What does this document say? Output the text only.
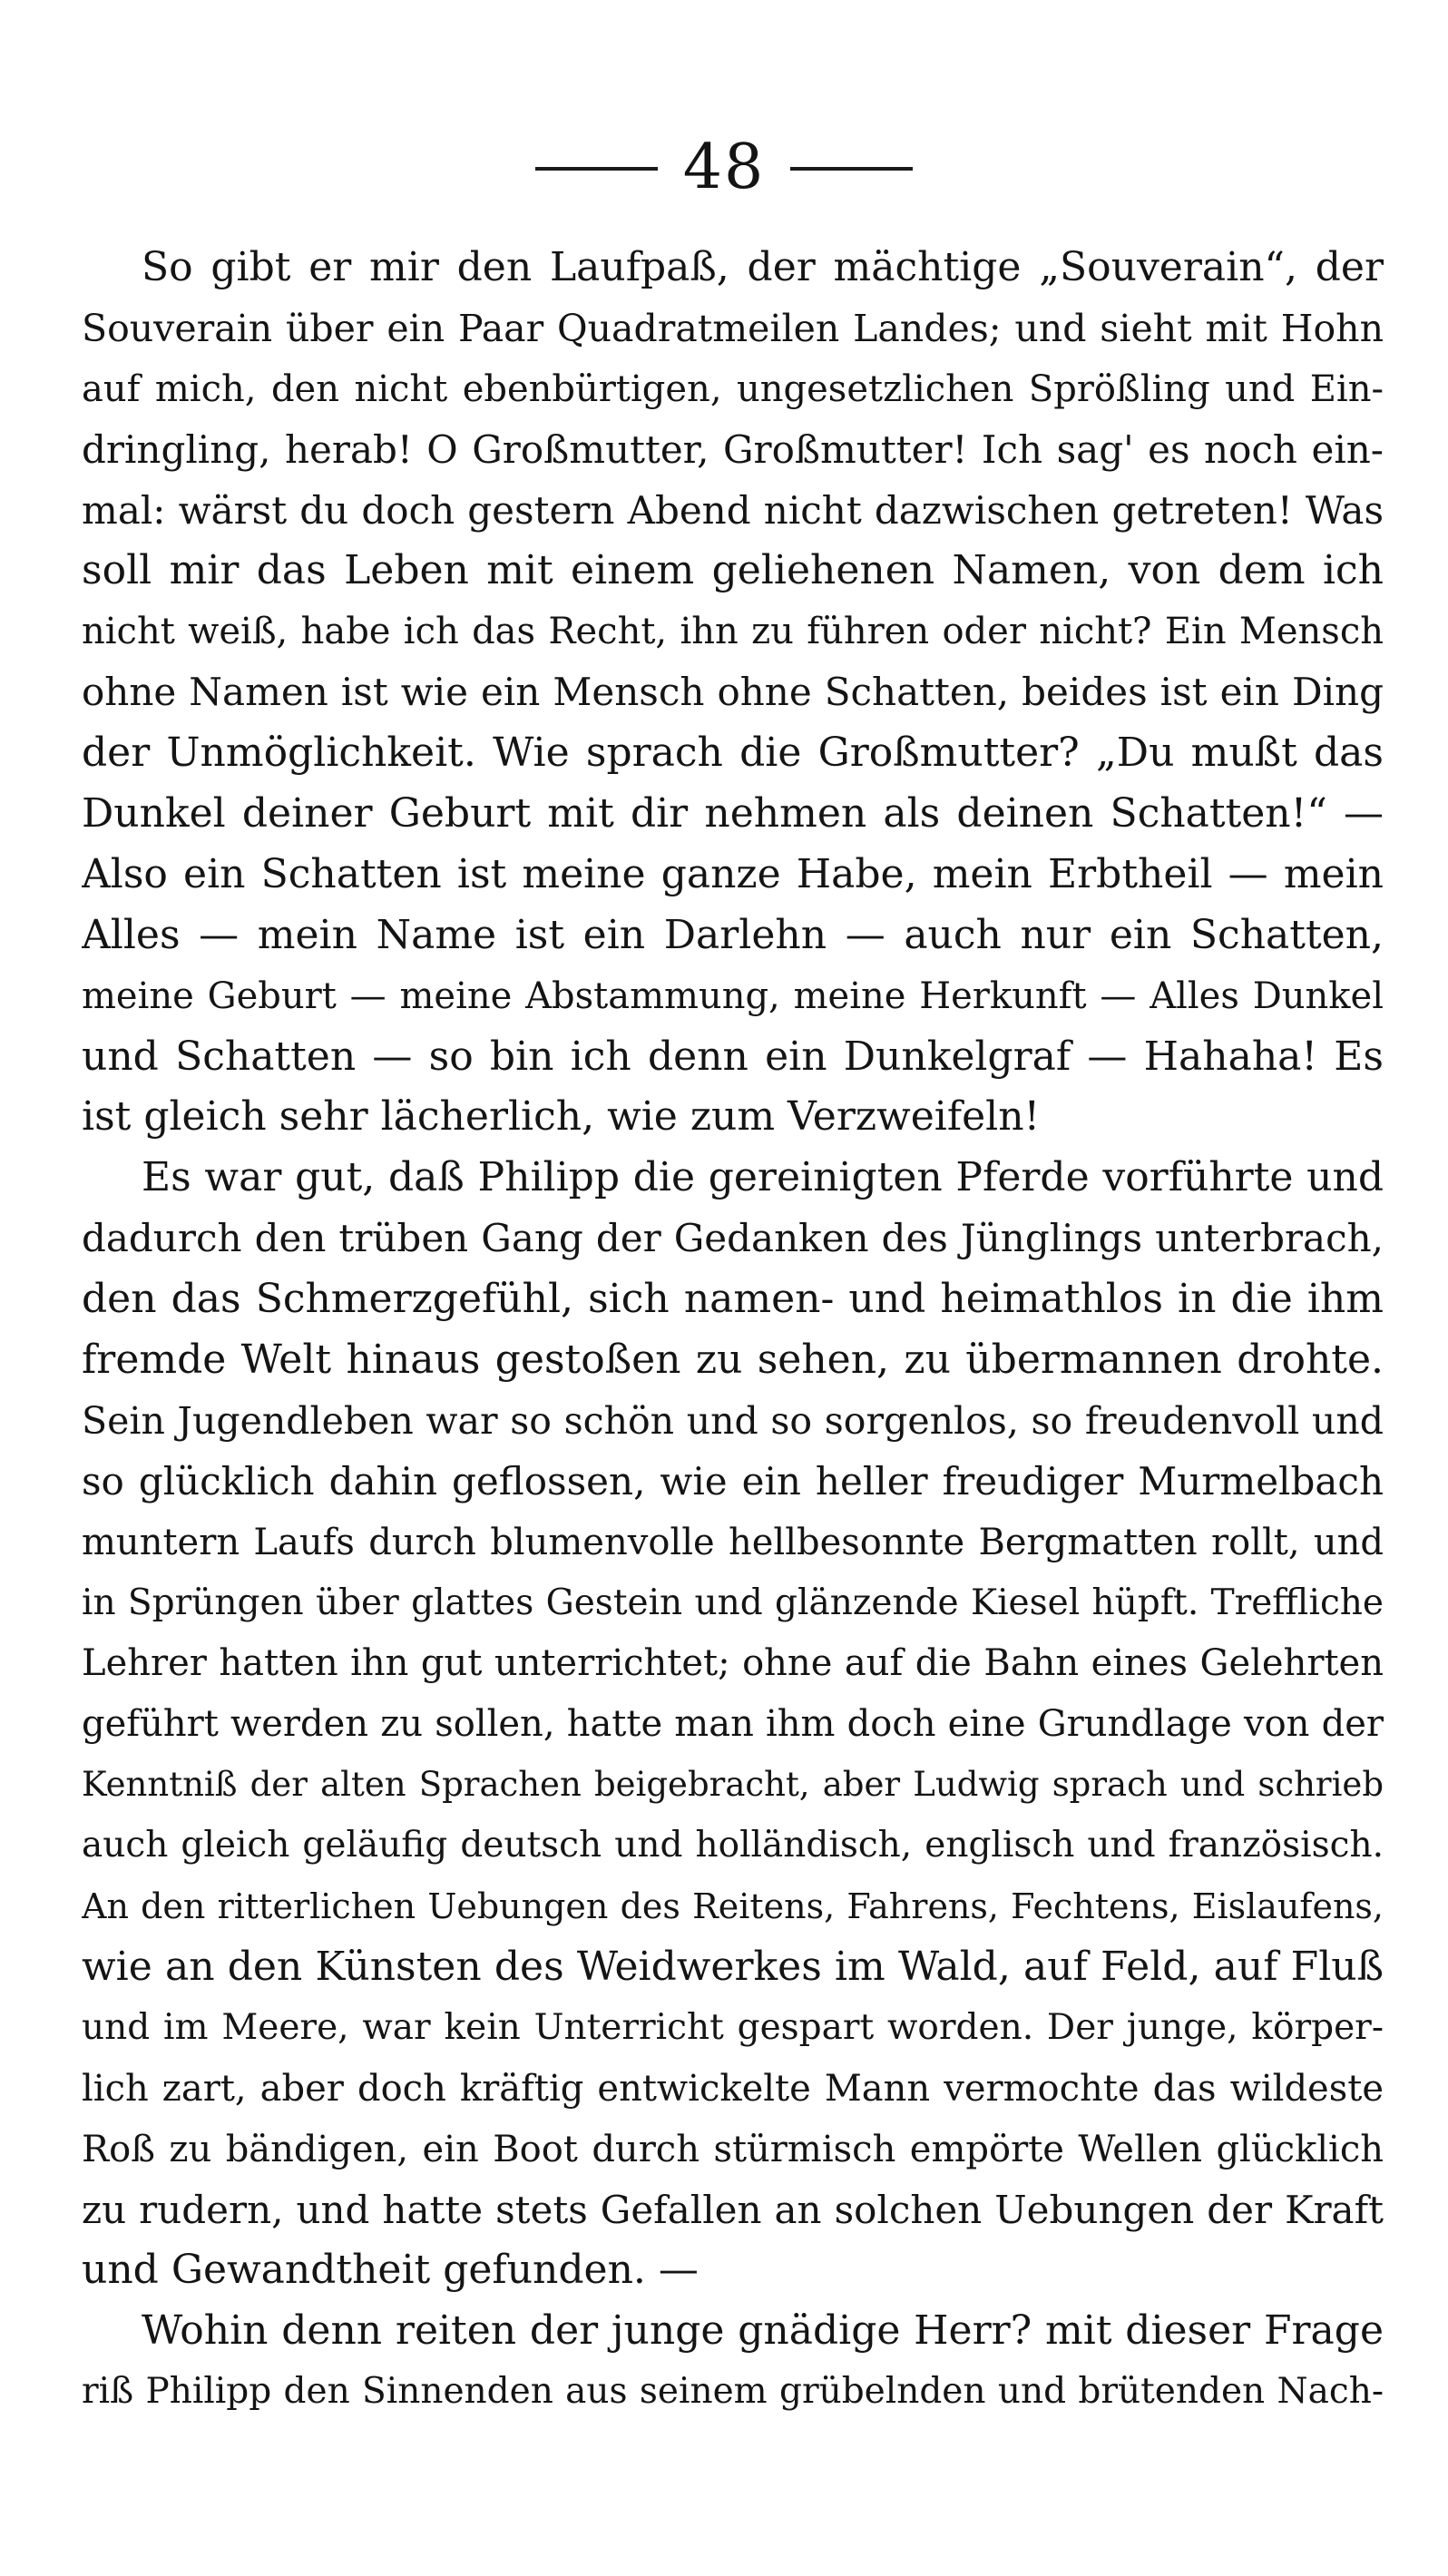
48
So gibt er mir den Laufpaß, der mächtige „Souverain“, der
Souverain über ein Paar Quadratmeilen Landes; und sieht mit Hohn
auf mich, den nicht ebenbürtigen, ungesetzlichen Sprößling und Ein-
dringling, herab! O Großmutter, Großmutter! Ich sag' es noch ein-
mal: wärst du doch gestern Abend nicht dazwischen getreten! Was
soll mir das Leben mit einem geliehenen Namen, von dem ich
nicht weiß, habe ich das Recht, ihn zu führen oder nicht? Ein Mensch
ohne Namen ist wie ein Mensch ohne Schatten, beides ist ein Ding
der Unmöglichkeit. Wie sprach die Großmutter? „Du mußt das
Dunkel deiner Geburt mit dir nehmen als deinen Schatten!“ —
Also ein Schatten ist meine ganze Habe, mein Erbtheil — mein
Alles — mein Name ist ein Darlehn — auch nur ein Schatten,
meine Geburt — meine Abstammung, meine Herkunft — Alles Dunkel
und Schatten — so bin ich denn ein Dunkelgraf — Hahaha! Es
ist gleich sehr lächerlich, wie zum Verzweifeln!
Es war gut, daß Philipp die gereinigten Pferde vorführte und
dadurch den trüben Gang der Gedanken des Jünglings unterbrach,
den das Schmerzgefühl, sich namen- und heimathlos in die ihm
fremde Welt hinaus gestoßen zu sehen, zu übermannen drohte.
Sein Jugendleben war so schön und so sorgenlos, so freudenvoll und
so glücklich dahin geflossen, wie ein heller freudiger Murmelbach
muntern Laufs durch blumenvolle hellbesonnte Bergmatten rollt, und
in Sprüngen über glattes Gestein und glänzende Kiesel hüpft. Treffliche
Lehrer hatten ihn gut unterrichtet; ohne auf die Bahn eines Gelehrten
geführt werden zu sollen, hatte man ihm doch eine Grundlage von der
Kenntniß der alten Sprachen beigebracht, aber Ludwig sprach und schrieb
auch gleich geläufig deutsch und holländisch, englisch und französisch.
An den ritterlichen Uebungen des Reitens, Fahrens, Fechtens, Eislaufens,
wie an den Künsten des Weidwerkes im Wald, auf Feld, auf Fluß
und im Meere, war kein Unterricht gespart worden. Der junge, körper-
lich zart, aber doch kräftig entwickelte Mann vermochte das wildeste
Roß zu bändigen, ein Boot durch stürmisch empörte Wellen glücklich
zu rudern, und hatte stets Gefallen an solchen Uebungen der Kraft
und Gewandtheit gefunden. —
Wohin denn reiten der junge gnädige Herr? mit dieser Frage
riß Philipp den Sinnenden aus seinem grübelnden und brütenden Nach-
